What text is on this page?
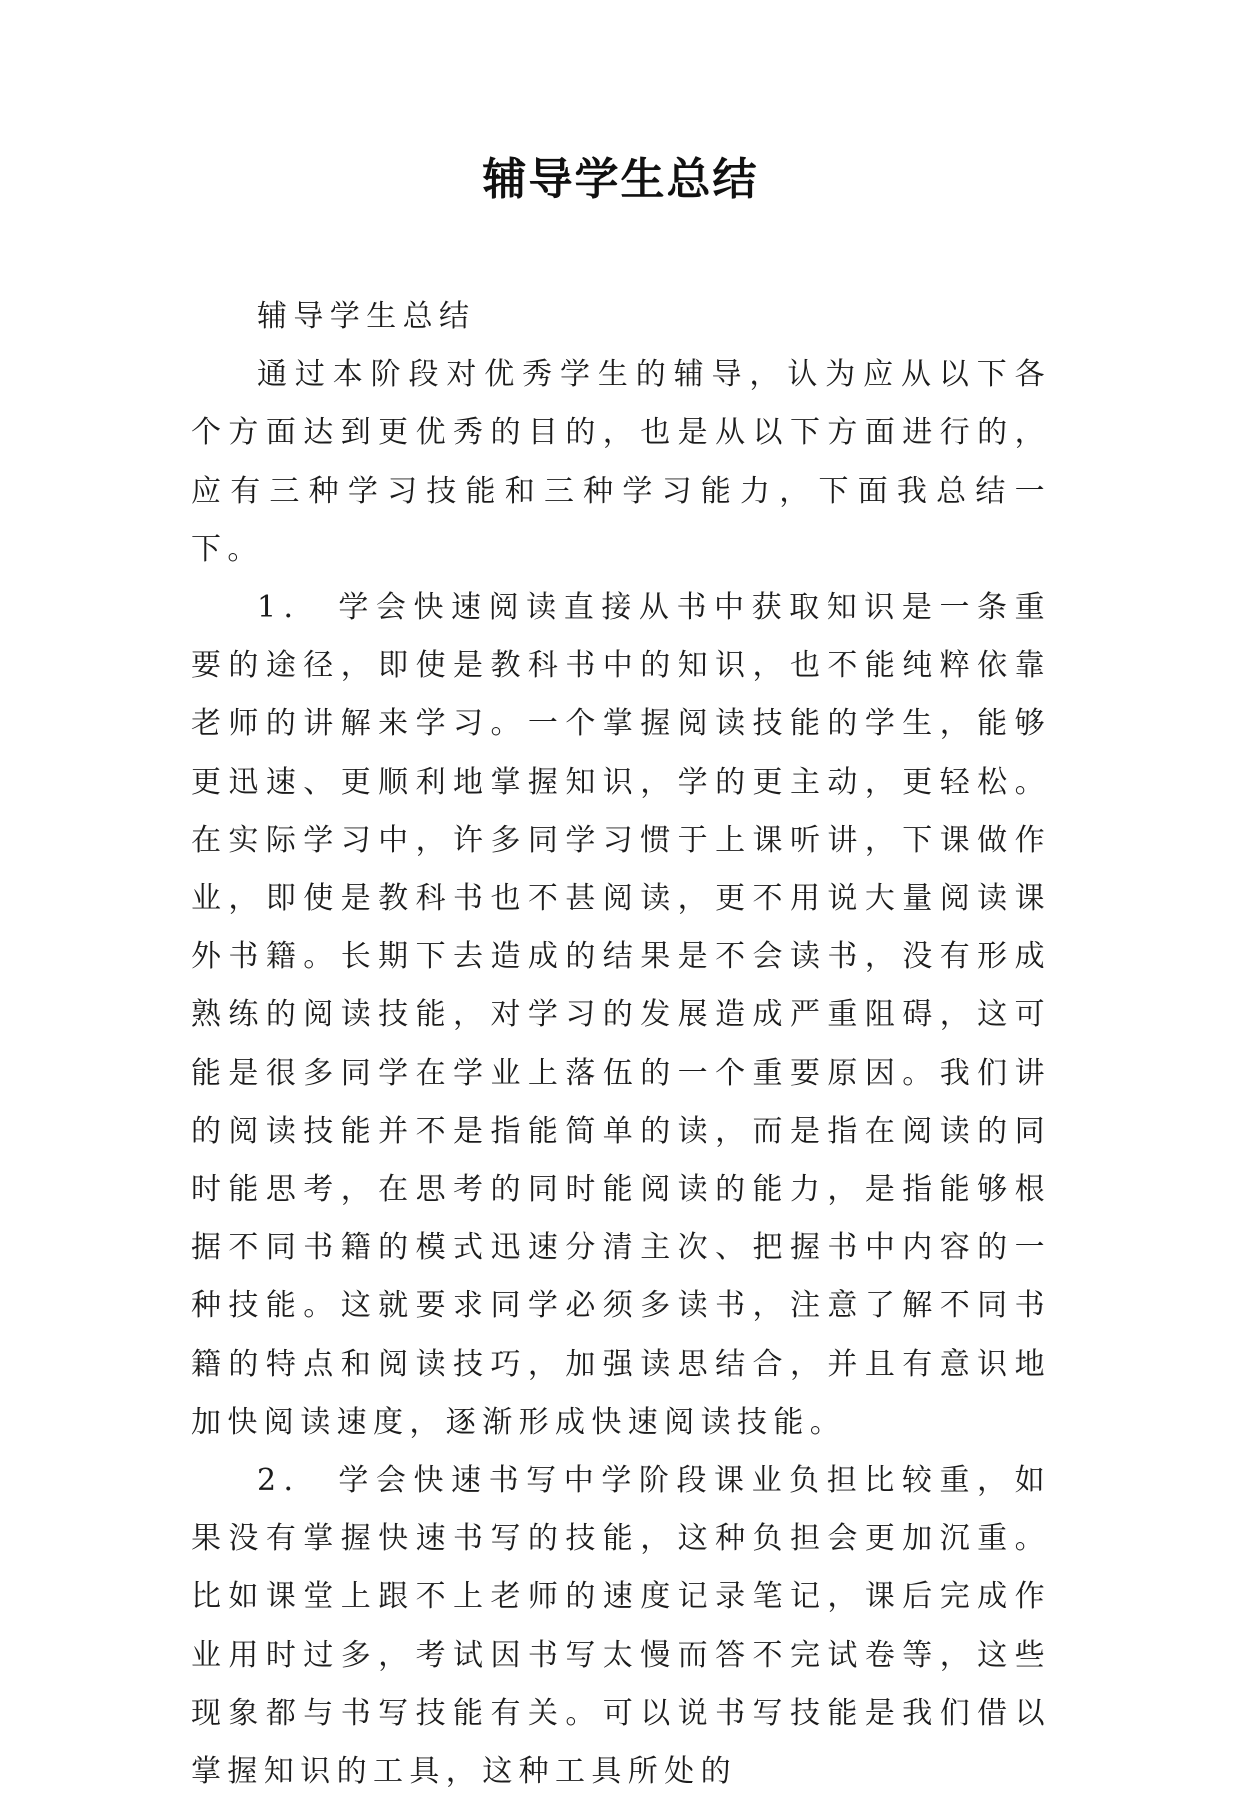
辅导学生总结

辅导学生总结

通过本阶段对优秀学生的辅导，认为应从以下各个方面达到更优秀的目的，也是从以下方面进行的，应有三种学习技能和三种学习能力，下面我总结一下。

1． 学会快速阅读直接从书中获取知识是一条重要的途径，即使是教科书中的知识，也不能纯粹依靠老师的讲解来学习。一个掌握阅读技能的学生，能够更迅速、更顺利地掌握知识，学的更主动，更轻松。在实际学习中，许多同学习惯于上课听讲，下课做作业，即使是教科书也不甚阅读，更不用说大量阅读课外书籍。长期下去造成的结果是不会读书，没有形成熟练的阅读技能，对学习的发展造成严重阻碍，这可能是很多同学在学业上落伍的一个重要原因。我们讲的阅读技能并不是指能简单的读，而是指在阅读的同时能思考，在思考的同时能阅读的能力，是指能够根据不同书籍的模式迅速分清主次、把握书中内容的一种技能。这就要求同学必须多读书，注意了解不同书籍的特点和阅读技巧，加强读思结合，并且有意识地加快阅读速度，逐渐形成快速阅读技能。

2． 学会快速书写中学阶段课业负担比较重，如果没有掌握快速书写的技能，这种负担会更加沉重。比如课堂上跟不上老师的速度记录笔记，课后完成作业用时过多，考试因书写太慢而答不完试卷等，这些现象都与书写技能有关。可以说书写技能是我们借以掌握知识的工具，这种工具所处的
